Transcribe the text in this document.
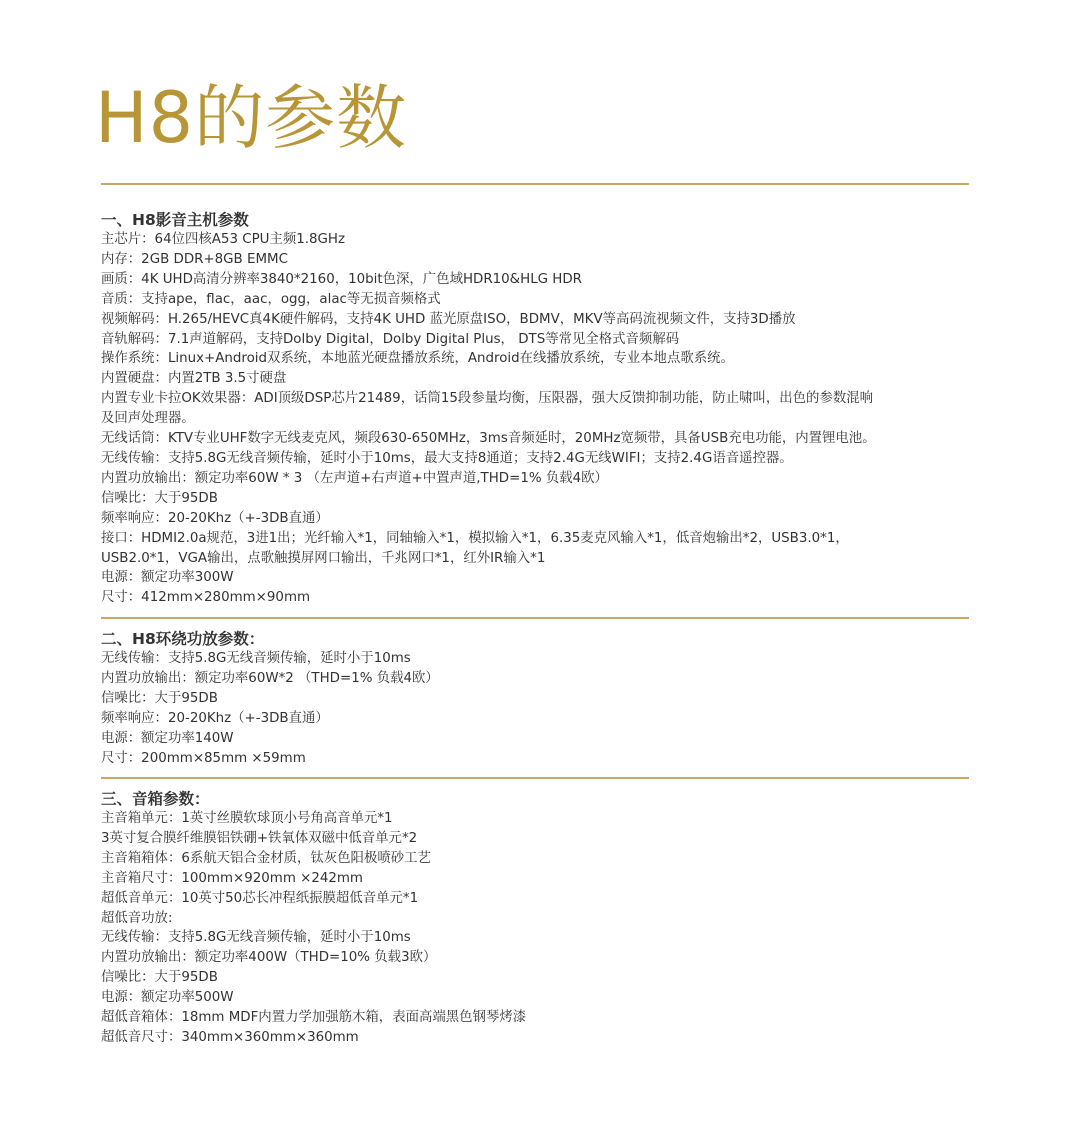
H8的参数
一、H8影音主机参数

主芯片：64位四核A53 CPU主频1.8GHz

内存：2GB DDR+8GB EMMC

画质：4K UHD高清分辨率3840*2160，10bit色深，广色域HDR10&HLG HDR

音质：支持ape，flac，aac，ogg，alac等无损音频格式

视频解码：H.265/HEVC真4K硬件解码，支持4K UHD 蓝光原盘ISO，BDMV，MKV等高码流视频文件，支持3D播放

音轨解码：7.1声道解码，支持Dolby Digital，Dolby Digital Plus， DTS等常见全格式音频解码

操作系统：Linux+Android双系统，本地蓝光硬盘播放系统，Android在线播放系统，专业本地点歌系统。

内置硬盘：内置2TB 3.5寸硬盘

内置专业卡拉OK效果器：ADI顶级DSP芯片21489，话筒15段参量均衡，压限器，强大反馈抑制功能，防止啸叫，出色的参数混响

及回声处理器。

无线话筒：KTV专业UHF数字无线麦克风，频段630-650MHz，3ms音频延时，20MHz宽频带，具备USB充电功能，内置锂电池。

无线传输：支持5.8G无线音频传输，延时小于10ms，最大支持8通道；支持2.4G无线WIFI；支持2.4G语音遥控器。

内置功放输出：额定功率60W * 3 （左声道+右声道+中置声道,THD=1% 负载4欧）

信噪比：大于95DB

频率响应：20-20Khz（+-3DB直通）

接口：HDMI2.0a规范，3进1出；光纤输入*1，同轴输入*1，模拟输入*1，6.35麦克风输入*1，低音炮输出*2，USB3.0*1，

USB2.0*1，VGA输出，点歌触摸屏网口输出，千兆网口*1，红外IR输入*1

电源：额定功率300W

尺寸：412mm×280mm×90mm

二、H8环绕功放参数：

无线传输：支持5.8G无线音频传输，延时小于10ms

内置功放输出：额定功率60W*2 （THD=1% 负载4欧）

信噪比：大于95DB

频率响应：20-20Khz（+-3DB直通）

电源：额定功率140W

尺寸：200mm×85mm ×59mm

三、音箱参数：

主音箱单元：1英寸丝膜软球顶小号角高音单元*1

3英寸复合膜纤维膜铝铁硼+铁氧体双磁中低音单元*2

主音箱箱体：6系航天铝合金材质，钛灰色阳极喷砂工艺

主音箱尺寸：100mm×920mm ×242mm

超低音单元：10英寸50芯长冲程纸振膜超低音单元*1

超低音功放:

无线传输：支持5.8G无线音频传输，延时小于10ms

内置功放输出：额定功率400W（THD=10% 负载3欧）

信噪比：大于95DB

电源：额定功率500W

超低音箱体：18mm MDF内置力学加强筋木箱，表面高端黑色钢琴烤漆

超低音尺寸：340mm×360mm×360mm
